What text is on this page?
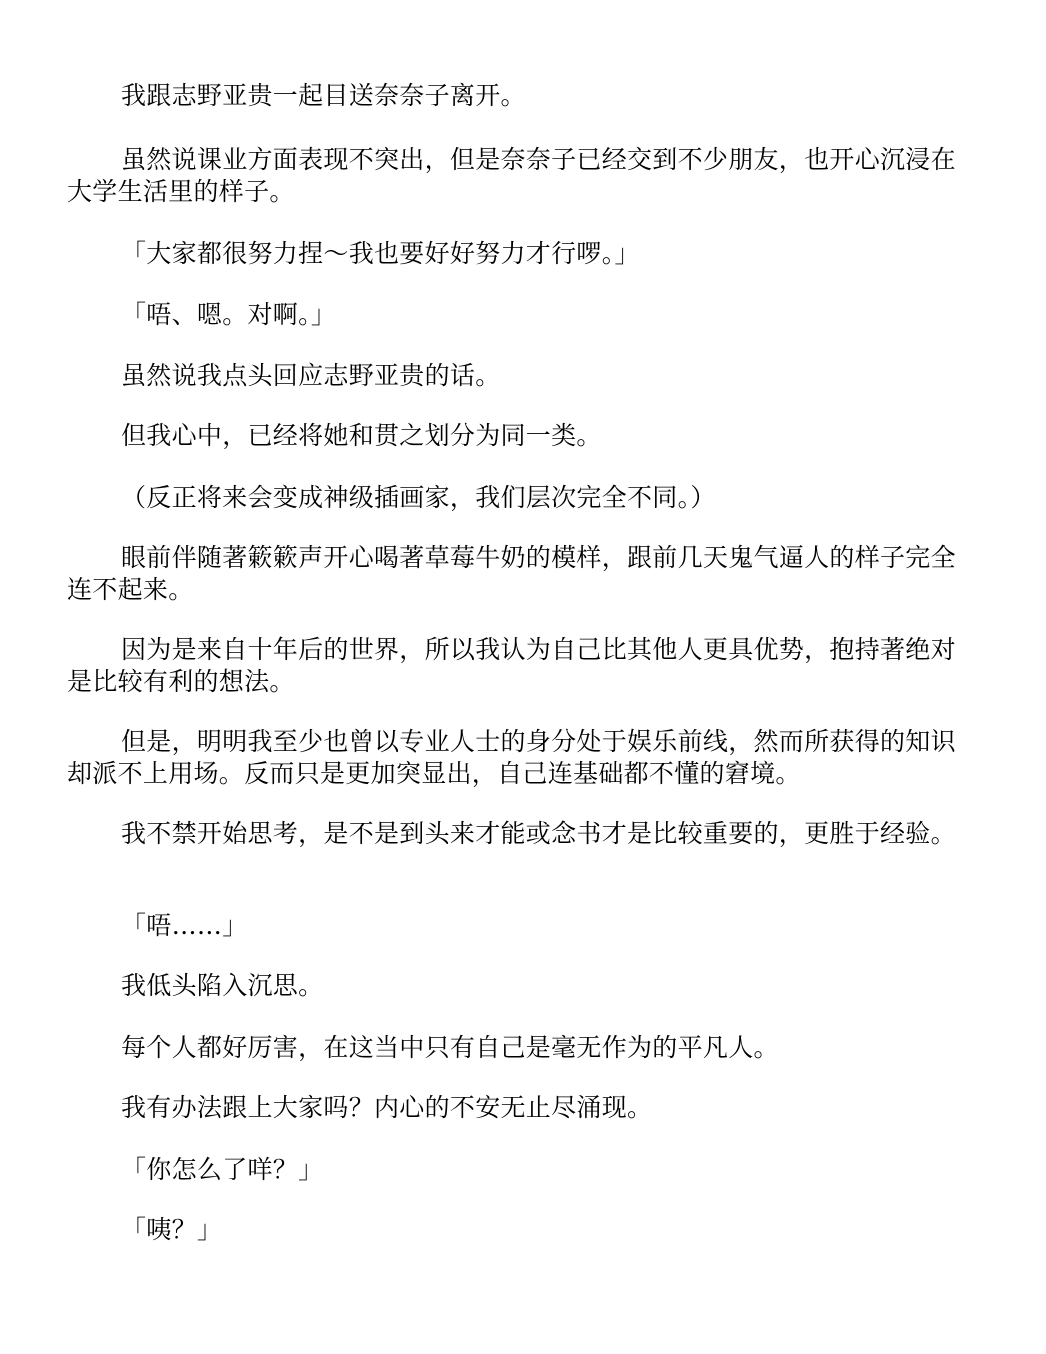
我跟志野亚贵一起目送奈奈子离开。

虽然说课业方面表现不突出，但是奈奈子已经交到不少朋友，也开心沉浸在大学生活里的样子。

「大家都很努力捏～我也要好好努力才行啰。」

「唔、嗯。对啊。」

虽然说我点头回应志野亚贵的话。

但我心中，已经将她和贯之划分为同一类。

（反正将来会变成神级插画家，我们层次完全不同。）

眼前伴随著簌簌声开心喝著草莓牛奶的模样，跟前几天鬼气逼人的样子完全连不起来。

因为是来自十年后的世界，所以我认为自己比其他人更具优势，抱持著绝对是比较有利的想法。

但是，明明我至少也曾以专业人士的身分处于娱乐前线，然而所获得的知识却派不上用场。反而只是更加突显出，自己连基础都不懂的窘境。

我不禁开始思考，是不是到头来才能或念书才是比较重要的，更胜于经验。

「唔……」

我低头陷入沉思。

每个人都好厉害，在这当中只有自己是毫无作为的平凡人。

我有办法跟上大家吗？内心的不安无止尽涌现。

「你怎么了咩？」

「咦？」
